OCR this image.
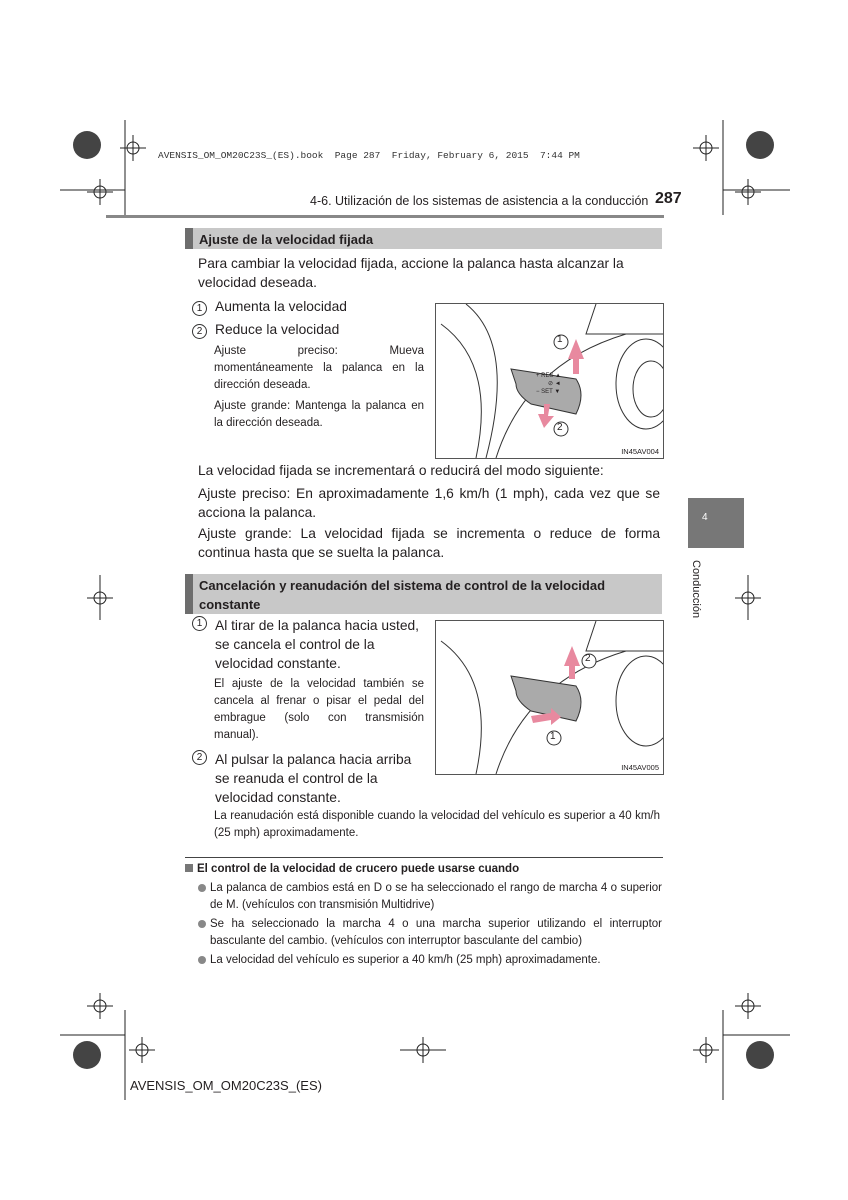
AVENSIS_OM_OM20C23S_(ES).book  Page 287  Friday, February 6, 2015  7:44 PM
4-6. Utilización de los sistemas de asistencia a la conducción 287
4
Conducción
Ajuste de la velocidad fijada
Para cambiar la velocidad fijada, accione la palanca hasta alcanzar la velocidad deseada.
1 Aumenta la velocidad
2 Reduce la velocidad
Ajuste preciso: Mueva momentáneamente la palanca en la dirección deseada.
Ajuste grande: Mantenga la palanca en la dirección deseada.
1
2
+ RES ▲
⊘ ◄
− SET ▼
IN45AV004
La velocidad fijada se incrementará o reducirá del modo siguiente:
Ajuste preciso: En aproximadamente 1,6 km/h (1 mph), cada vez que se acciona la palanca.
Ajuste grande: La velocidad fijada se incrementa o reduce de forma continua hasta que se suelta la palanca.
Cancelación y reanudación del sistema de control de la velocidad constante
1 Al tirar de la palanca hacia usted, se cancela el control de la velocidad constante.
El ajuste de la velocidad también se cancela al frenar o pisar el pedal del embrague (solo con transmisión manual).
2 Al pulsar la palanca hacia arriba se reanuda el control de la velocidad constante.
La reanudación está disponible cuando la velocidad del vehículo es superior a 40 km/h (25 mph) aproximadamente.
2
1
IN45AV005
El control de la velocidad de crucero puede usarse cuando
La palanca de cambios está en D o se ha seleccionado el rango de marcha 4 o superior de M. (vehículos con transmisión Multidrive)
Se ha seleccionado la marcha 4 o una marcha superior utilizando el interruptor basculante del cambio. (vehículos con interruptor basculante del cambio)
La velocidad del vehículo es superior a 40 km/h (25 mph) aproximadamente.
AVENSIS_OM_OM20C23S_(ES)
